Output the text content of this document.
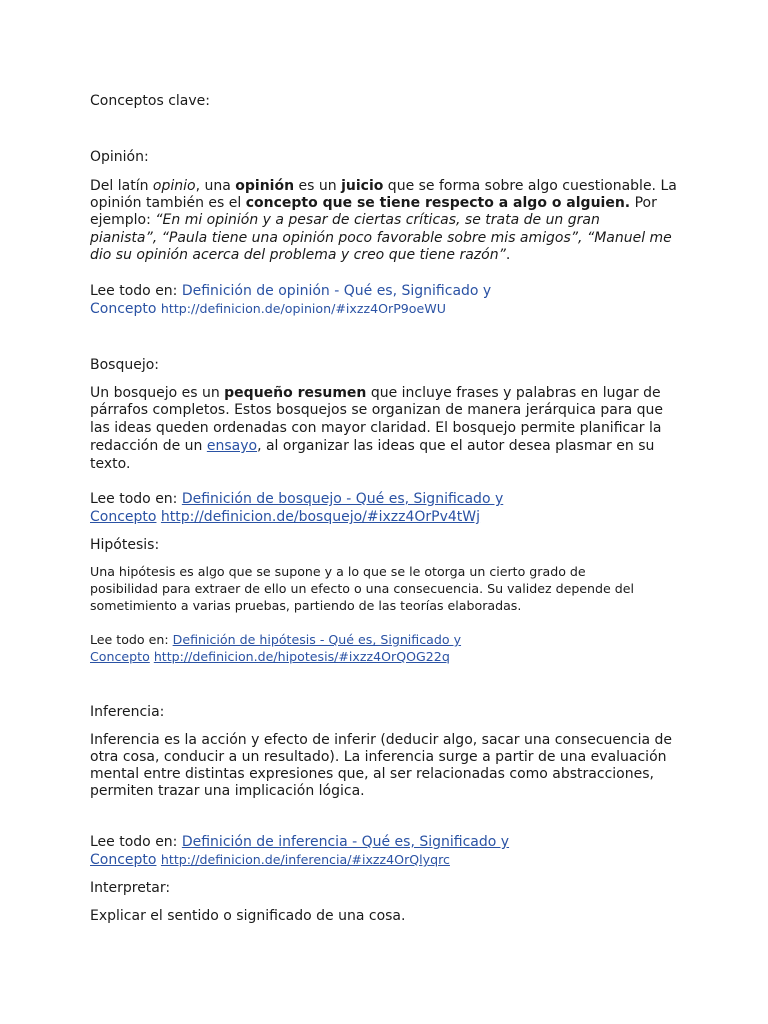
Conceptos clave:
Opinión:
Del latín opinio, una opinión es un juicio que se forma sobre algo cuestionable. La
opinión también es el concepto que se tiene respecto a algo o alguien. Por
ejemplo: “En mi opinión y a pesar de ciertas críticas, se trata de un gran
pianista”, “Paula tiene una opinión poco favorable sobre mis amigos”, “Manuel me
dio su opinión acerca del problema y creo que tiene razón”.
Lee todo en: Definición de opinión - Qué es, Significado y
Concepto http://definicion.de/opinion/#ixzz4OrP9oeWU
Bosquejo:
Un bosquejo es un pequeño resumen que incluye frases y palabras en lugar de
párrafos completos. Estos bosquejos se organizan de manera jerárquica para que
las ideas queden ordenadas con mayor claridad. El bosquejo permite planificar la
redacción de un ensayo, al organizar las ideas que el autor desea plasmar en su
texto.
Lee todo en: Definición de bosquejo - Qué es, Significado y
Concepto http://definicion.de/bosquejo/#ixzz4OrPv4tWj
Hipótesis:
Una hipótesis es algo que se supone y a lo que se le otorga un cierto grado de
posibilidad para extraer de ello un efecto o una consecuencia. Su validez depende del
sometimiento a varias pruebas, partiendo de las teorías elaboradas.
Lee todo en: Definición de hipótesis - Qué es, Significado y
Concepto http://definicion.de/hipotesis/#ixzz4OrQOG22q
Inferencia:
Inferencia es la acción y efecto de inferir (deducir algo, sacar una consecuencia de
otra cosa, conducir a un resultado). La inferencia surge a partir de una evaluación
mental entre distintas expresiones que, al ser relacionadas como abstracciones,
permiten trazar una implicación lógica.
Lee todo en: Definición de inferencia - Qué es, Significado y
Concepto http://definicion.de/inferencia/#ixzz4OrQlyqrc
Interpretar:
Explicar el sentido o significado de una cosa.
